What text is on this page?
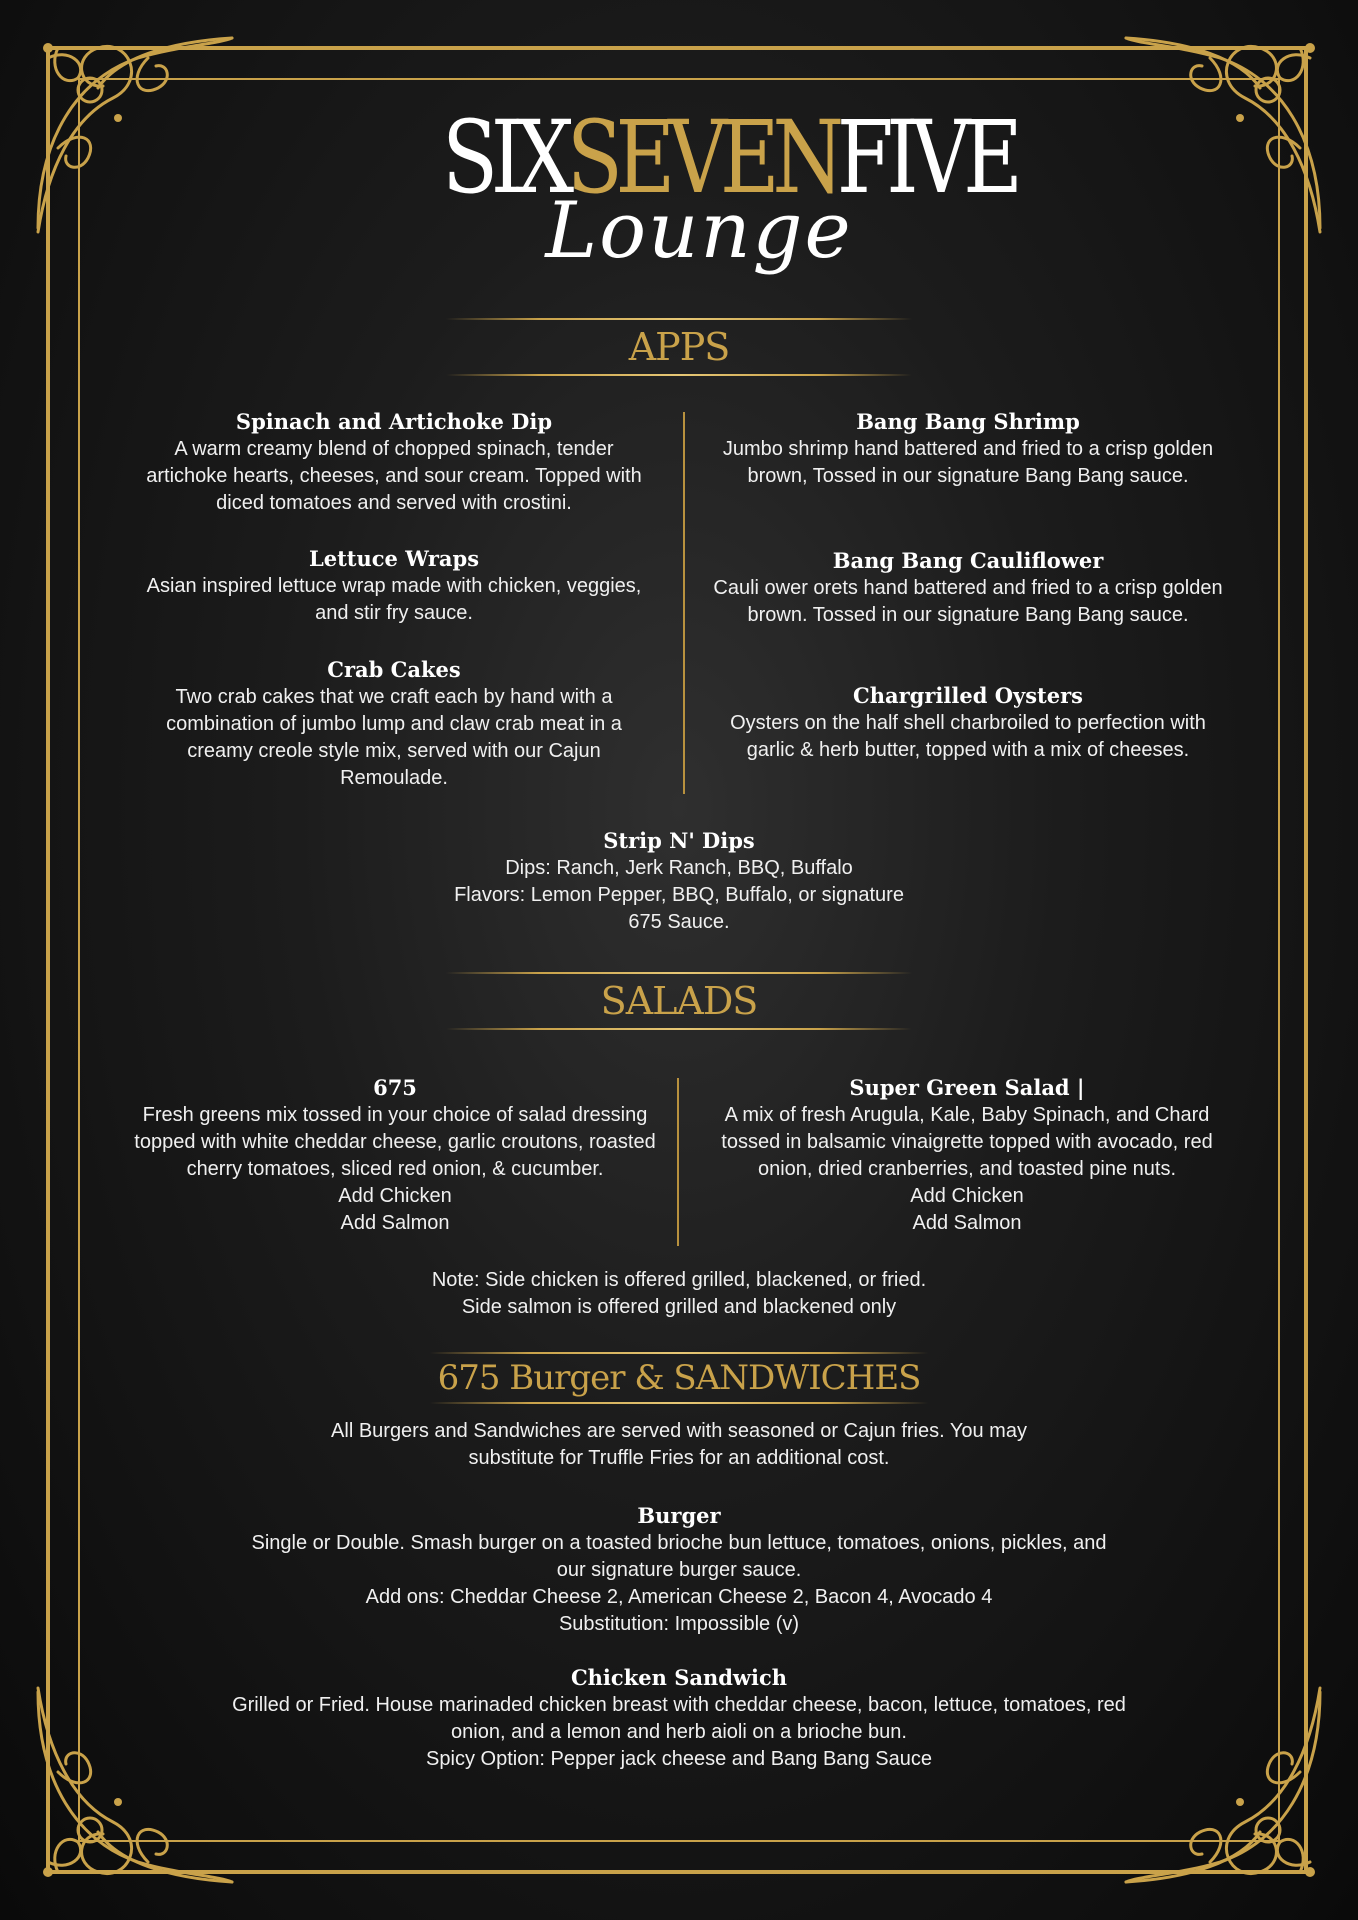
SIXSEVENFIVE
Lounge
APPS
Spinach and Artichoke Dip

A warm creamy blend of chopped spinach, tender artichoke hearts, cheeses, and sour cream. Topped with diced tomatoes and served with crostini.

Lettuce Wraps

Asian inspired lettuce wrap made with chicken, veggies, and stir fry sauce.

Crab Cakes

Two crab cakes that we craft each by hand with a combination of jumbo lump and claw crab meat in a creamy creole style mix, served with our Cajun Remoulade.

Bang Bang Shrimp

Jumbo shrimp hand battered and fried to a crisp golden brown, Tossed in our signature Bang Bang sauce.

Bang Bang Cauliflower

Cauli ower orets hand battered and fried to a crisp golden brown. Tossed in our signature Bang Bang sauce.

Chargrilled Oysters

Oysters on the half shell charbroiled to perfection with garlic & herb butter, topped with a mix of cheeses.

Strip N' Dips

Dips: Ranch, Jerk Ranch, BBQ, Buffalo

Flavors: Lemon Pepper, BBQ, Buffalo, or signature

675 Sauce.

SALADS
675

Fresh greens mix tossed in your choice of salad dressing topped with white cheddar cheese, garlic croutons, roasted cherry tomatoes, sliced red onion, & cucumber.

Add Chicken

Add Salmon

Super Green Salad |

A mix of fresh Arugula, Kale, Baby Spinach, and Chard tossed in balsamic vinaigrette topped with avocado, red onion, dried cranberries, and toasted pine nuts.

Add Chicken

Add Salmon

Note: Side chicken is offered grilled, blackened, or fried.

Side salmon is offered grilled and blackened only

675 Burger & SANDWICHES

All Burgers and Sandwiches are served with seasoned or Cajun fries. You may substitute for Truffle Fries for an additional cost.

Burger

Single or Double. Smash burger on a toasted brioche bun lettuce, tomatoes, onions, pickles, and our signature burger sauce.

Add ons: Cheddar Cheese 2, American Cheese 2, Bacon 4, Avocado 4

Substitution: Impossible (v)

Chicken Sandwich

Grilled or Fried. House marinaded chicken breast with cheddar cheese, bacon, lettuce, tomatoes, red onion, and a lemon and herb aioli on a brioche bun.

Spicy Option: Pepper jack cheese and Bang Bang Sauce
